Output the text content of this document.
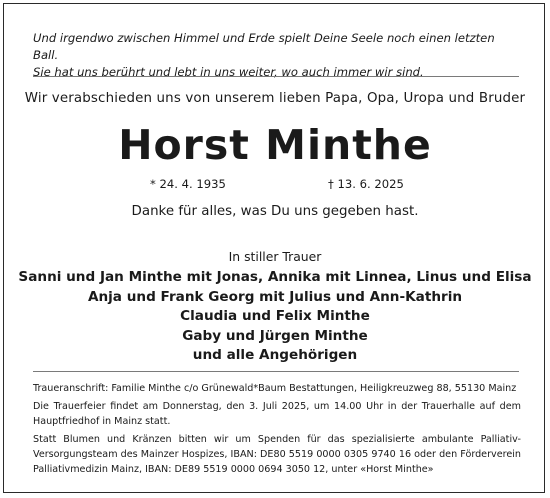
Und irgendwo zwischen Himmel und Erde spielt Deine Seele noch einen letzten Ball.
Sie hat uns berührt und lebt in uns weiter, wo auch immer wir sind.
Wir verabschieden uns von unserem lieben Papa, Opa, Uropa und Bruder
Horst Minthe
* 24. 4. 1935	† 13. 6. 2025
Danke für alles, was Du uns gegeben hast.
In stiller Trauer
Sanni und Jan Minthe mit Jonas, Annika mit Linnea, Linus und Elisa
Anja und Frank Georg mit Julius und Ann-Kathrin
Claudia und Felix Minthe
Gaby und Jürgen Minthe
und alle Angehörigen

Traueranschrift: Familie Minthe c/o Grünewald*Baum Bestattungen, Heiligkreuzweg 88, 55130 Mainz

Die Trauerfeier findet am Donnerstag, den 3. Juli 2025, um 14.00 Uhr in der Trauerhalle auf dem Hauptfriedhof in Mainz statt.

Statt Blumen und Kränzen bitten wir um Spenden für das spezialisierte ambulante Palliativ-Versorgungsteam des Mainzer Hospizes, IBAN: DE80 5519 0000 0305 9740 16 oder den Förderverein Palliativmedizin Mainz, IBAN: DE89 5519 0000 0694 3050 12, unter «Horst Minthe»
